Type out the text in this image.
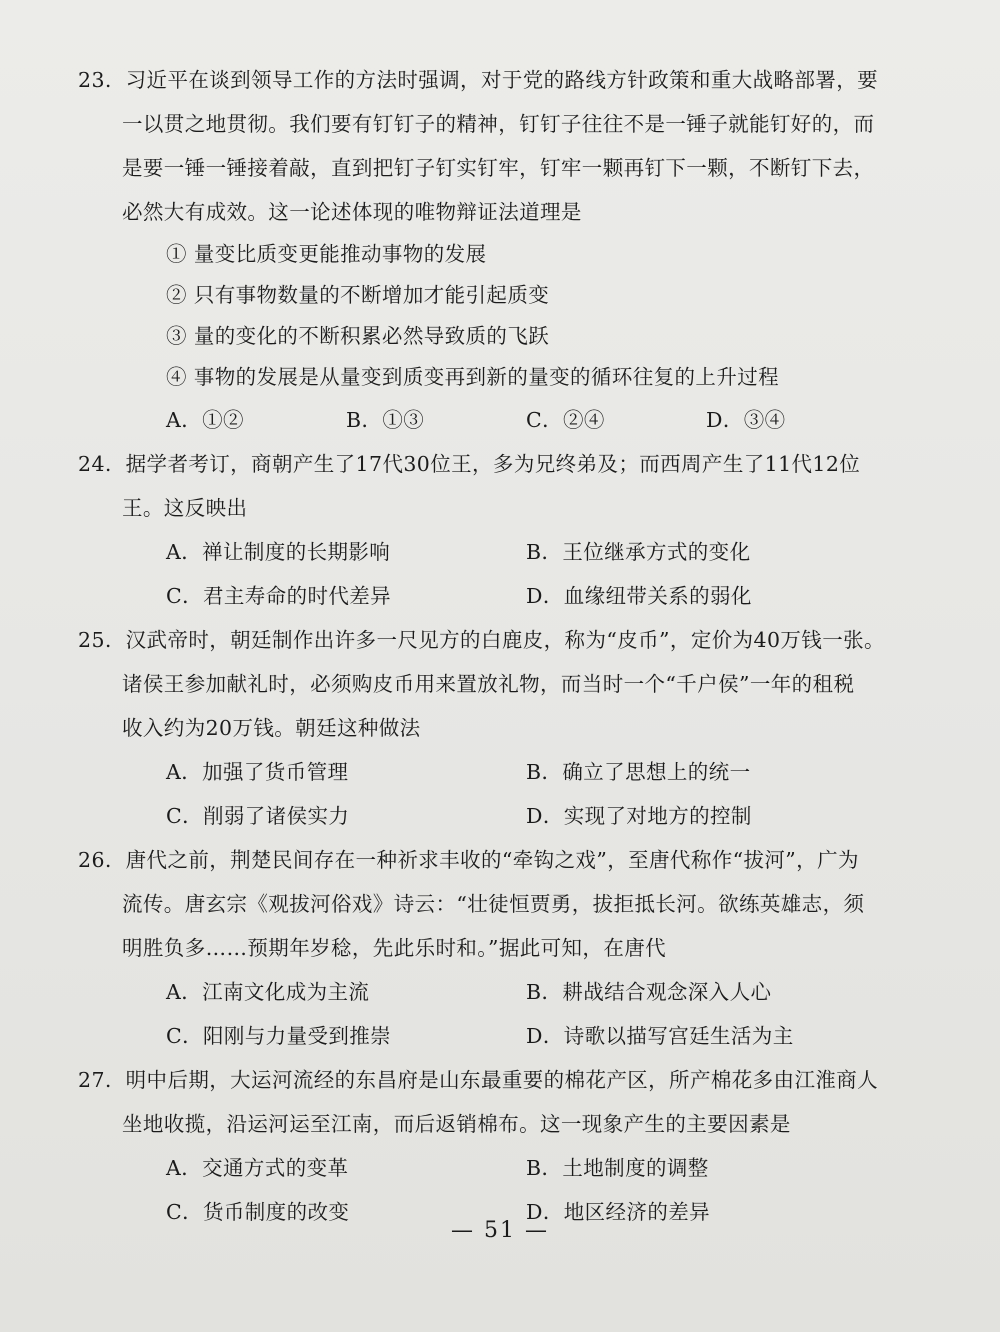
23. 习近平在谈到领导工作的方法时强调，对于党的路线方针政策和重大战略部署，要
一以贯之地贯彻。我们要有钉钉子的精神，钉钉子往往不是一锤子就能钉好的，而
是要一锤一锤接着敲，直到把钉子钉实钉牢，钉牢一颗再钉下一颗，不断钉下去，
必然大有成效。这一论述体现的唯物辩证法道理是
① 量变比质变更能推动事物的发展
② 只有事物数量的不断增加才能引起质变
③ 量的变化的不断积累必然导致质的飞跃
④ 事物的发展是从量变到质变再到新的量变的循环往复的上升过程
A．①②	B．①③	C．②④	D．③④
24. 据学者考订，商朝产生了17代30位王，多为兄终弟及；而西周产生了11代12位
王。这反映出
A．禅让制度的长期影响	B．王位继承方式的变化
C．君主寿命的时代差异	D．血缘纽带关系的弱化
25. 汉武帝时，朝廷制作出许多一尺见方的白鹿皮，称为“皮币”，定价为40万钱一张。
诸侯王参加献礼时，必须购皮币用来置放礼物，而当时一个“千户侯”一年的租税
收入约为20万钱。朝廷这种做法
A．加强了货币管理	B．确立了思想上的统一
C．削弱了诸侯实力	D．实现了对地方的控制
26. 唐代之前，荆楚民间存在一种祈求丰收的“牵钩之戏”，至唐代称作“拔河”，广为
流传。唐玄宗《观拔河俗戏》诗云：“壮徒恒贾勇，拔拒抵长河。欲练英雄志，须
明胜负多……预期年岁稔，先此乐时和。”据此可知，在唐代
A．江南文化成为主流	B．耕战结合观念深入人心
C．阳刚与力量受到推崇	D．诗歌以描写宫廷生活为主
27. 明中后期，大运河流经的东昌府是山东最重要的棉花产区，所产棉花多由江淮商人
坐地收揽，沿运河运至江南，而后返销棉布。这一现象产生的主要因素是
A．交通方式的变革	B．土地制度的调整
C．货币制度的改变	D．地区经济的差异
— 51 —
